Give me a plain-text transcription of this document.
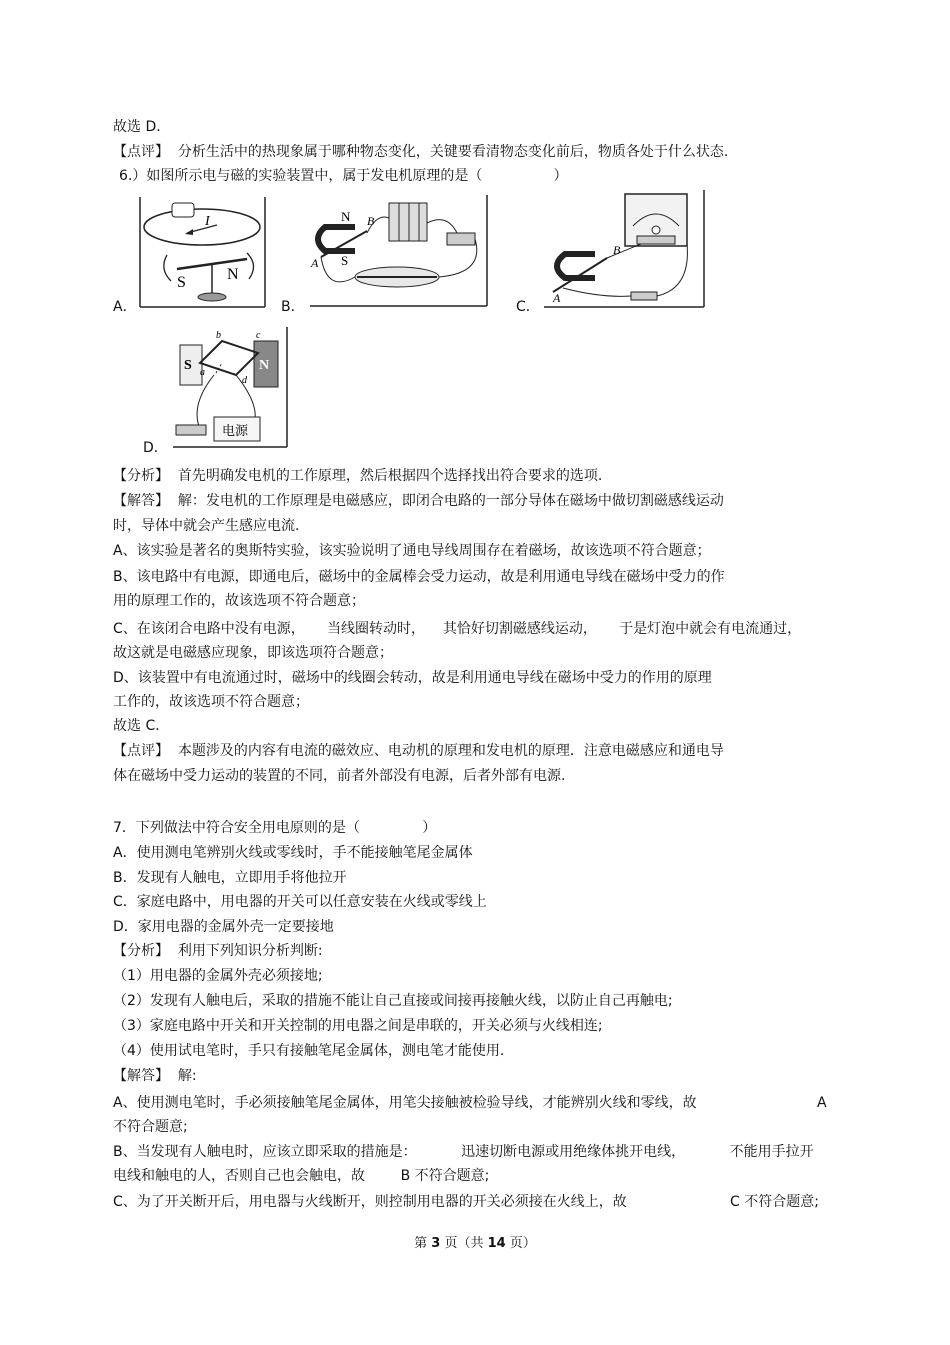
故选 D．
【点评】  分析生活中的热现象属于哪种物态变化，关键要看清物态变化前后，物质各处于什么状态.
6.）如图所示电与磁的实验装置中，属于发电机原理的是（                ）
A．
I
S	N
B．
N
S
A
B
C．
B
A
D．
S	N
a
b	c
d
电源
【分析】  首先明确发电机的工作原理，然后根据四个选择找出符合要求的选项.
【解答】  解：发电机的工作原理是电磁感应，即闭合电路的一部分导体在磁场中做切割磁感线运动
时，导体中就会产生感应电流.
A、该实验是著名的奥斯特实验，该实验说明了通电导线周围存在着磁场，故该选项不符合题意；
B、该电路中有电源，即通电后，磁场中的金属棒会受力运动，故是利用通电导线在磁场中受力的作
用的原理工作的，故该选项不符合题意；
C、在该闭合电路中没有电源，     当线圈转动时，    其恰好切割磁感线运动，     于是灯泡中就会有电流通过，
故这就是电磁感应现象，即该选项符合题意；
D、该装置中有电流通过时，磁场中的线圈会转动，故是利用通电导线在磁场中受力的作用的原理
工作的，故该选项不符合题意；
故选 C．
【点评】  本题涉及的内容有电流的磁效应、电动机的原理和发电机的原理．注意电磁感应和通电导
体在磁场中受力运动的装置的不同，前者外部没有电源，后者外部有电源.
7．下列做法中符合安全用电原则的是（              ）
A．使用测电笔辨别火线或零线时，手不能接触笔尾金属体
B．发现有人触电，立即用手将他拉开
C．家庭电路中，用电器的开关可以任意安装在火线或零线上
D．家用电器的金属外壳一定要接地
【分析】  利用下列知识分析判断:
（1）用电器的金属外壳必须接地;
（2）发现有人触电后，采取的措施不能让自己直接或间接再接触火线，以防止自己再触电;
（3）家庭电路中开关和开关控制的用电器之间是串联的，开关必须与火线相连;
（4）使用试电笔时，手只有接触笔尾金属体，测电笔才能使用.
【解答】  解:
A、使用测电笔时，手必须接触笔尾金属体，用笔尖接触被检验导线，才能辨别火线和零线，故	A
不符合题意;
B、当发现有人触电时，应该立即采取的措施是：          迅速切断电源或用绝缘体挑开电线，          不能用手拉开
电线和触电的人，否则自己也会触电，故        B 不符合题意;
C、为了开关断开后，用电器与火线断开，则控制用电器的开关必须接在火线上，故	C 不符合题意;
第 3 页（共 14 页）
